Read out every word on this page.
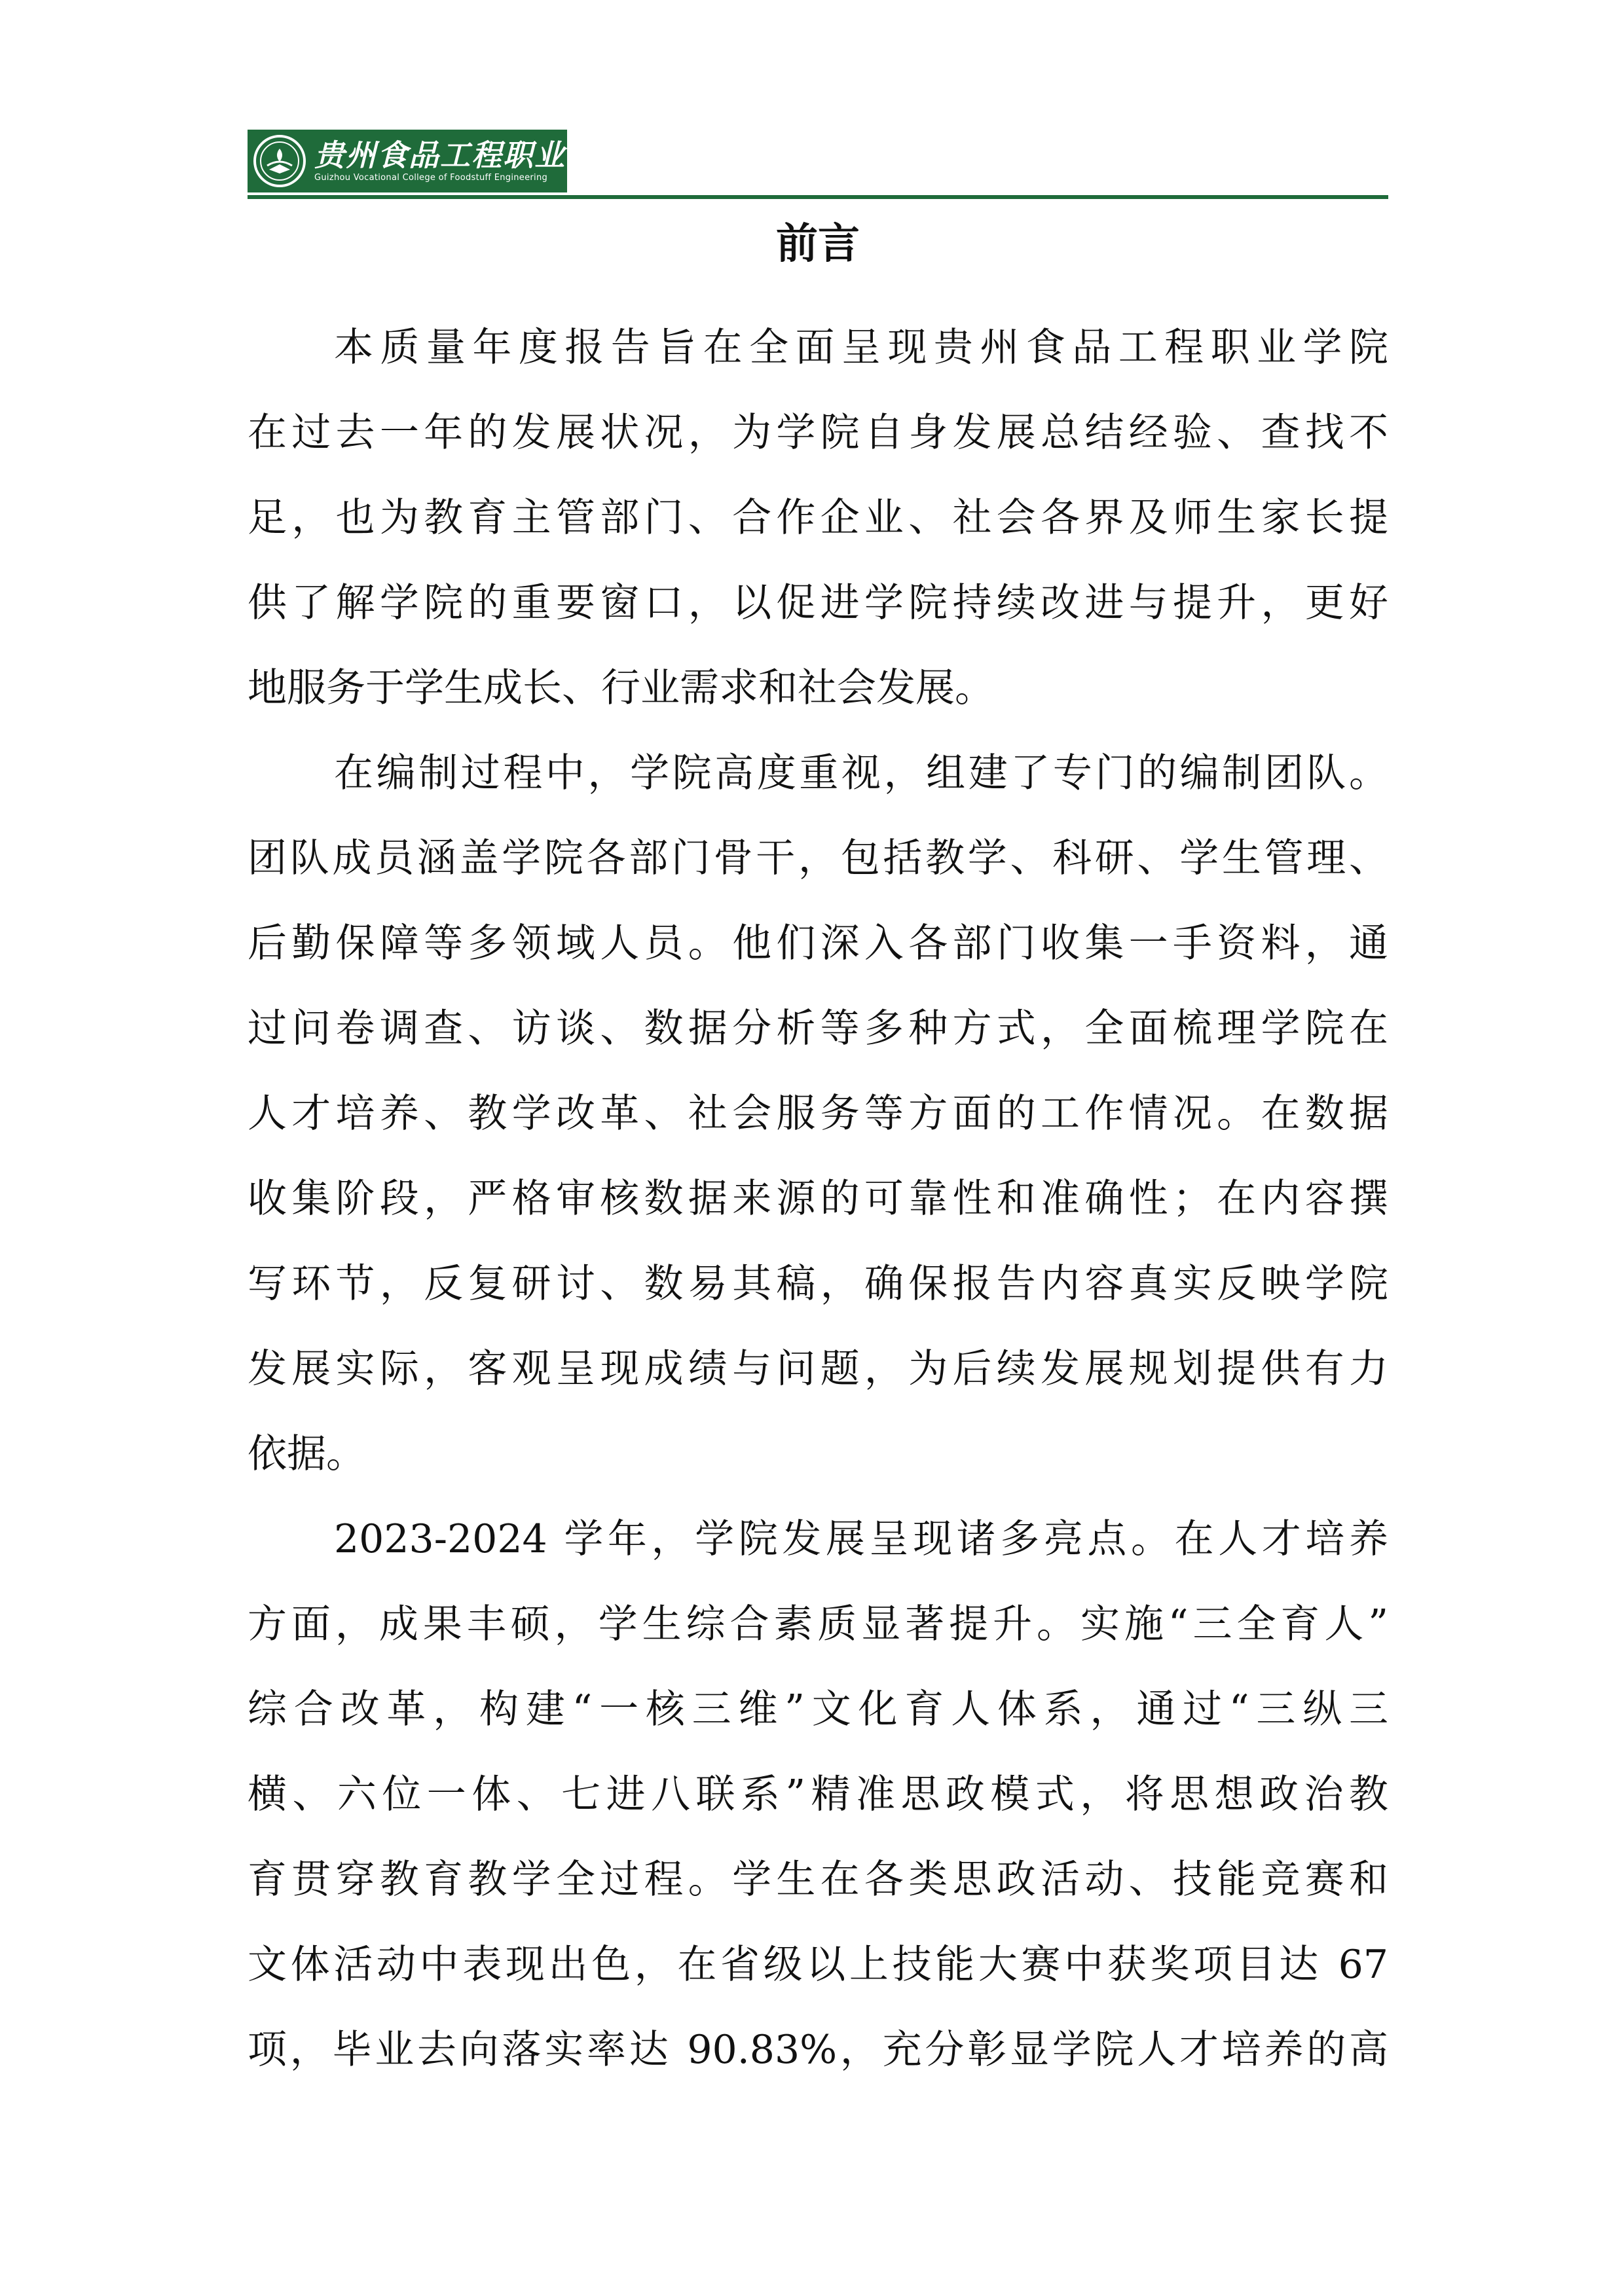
贵州食品工程职业学院
Guizhou Vocational College of Foodstuff Engineering
前言
本质量年度报告旨在全面呈现贵州食品工程职业学院
在过去一年的发展状况，为学院自身发展总结经验、查找不
足，也为教育主管部门、合作企业、社会各界及师生家长提
供了解学院的重要窗口，以促进学院持续改进与提升，更好
地服务于学生成长、行业需求和社会发展。
在编制过程中，学院高度重视，组建了专门的编制团队。
团队成员涵盖学院各部门骨干，包括教学、科研、学生管理、
后勤保障等多领域人员。他们深入各部门收集一手资料，通
过问卷调查、访谈、数据分析等多种方式，全面梳理学院在
人才培养、教学改革、社会服务等方面的工作情况。在数据
收集阶段，严格审核数据来源的可靠性和准确性；在内容撰
写环节，反复研讨、数易其稿，确保报告内容真实反映学院
发展实际，客观呈现成绩与问题，为后续发展规划提供有力
依据。
2023-2024 学年，学院发展呈现诸多亮点。在人才培养
方面，成果丰硕，学生综合素质显著提升。实施“三全育人”
综合改革，构建“一核三维”文化育人体系，通过“三纵三
横、六位一体、七进八联系”精准思政模式，将思想政治教
育贯穿教育教学全过程。学生在各类思政活动、技能竞赛和
文体活动中表现出色，在省级以上技能大赛中获奖项目达 67
项，毕业去向落实率达 90.83%，充分彰显学院人才培养的高
